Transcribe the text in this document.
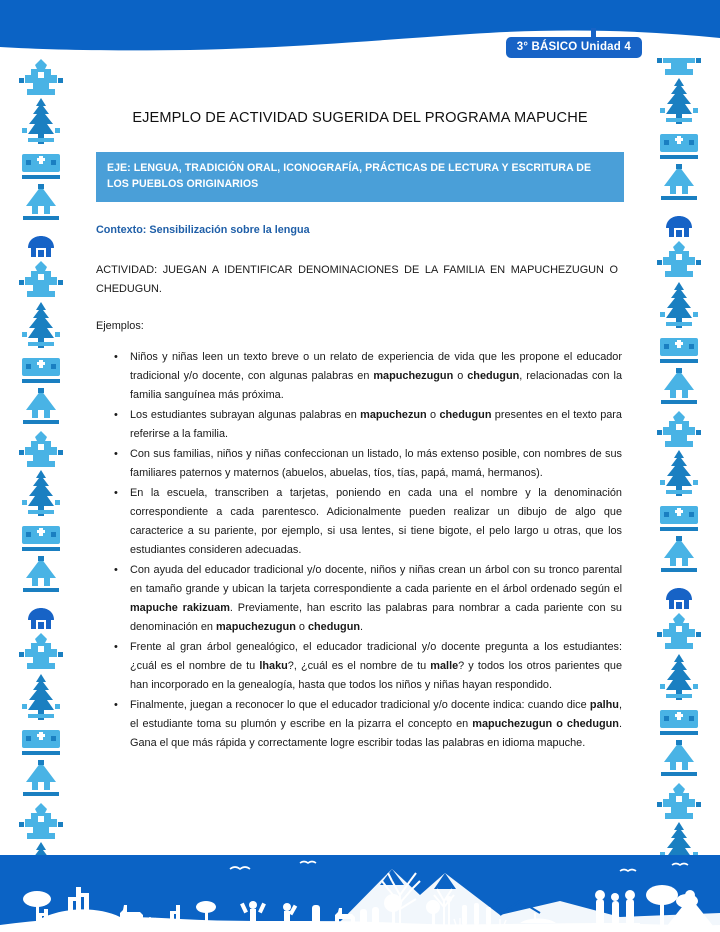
3° BÁSICO Unidad 4
EJEMPLO DE ACTIVIDAD SUGERIDA DEL PROGRAMA MAPUCHE
EJE: LENGUA, TRADICIÓN ORAL, ICONOGRAFÍA, PRÁCTICAS DE LECTURA Y ESCRITURA DE LOS PUEBLOS ORIGINARIOS
Contexto: Sensibilización sobre la lengua
ACTIVIDAD: JUEGAN A IDENTIFICAR DENOMINACIONES DE LA FAMILIA EN MAPUCHEZUGUN O CHEDUGUN.
Ejemplos:
• Niños y niñas leen un texto breve o un relato de experiencia de vida que les propone el educador tradicional y/o docente, con algunas palabras en mapuchezugun o chedugun, relacionadas con la familia sanguínea más próxima.
• Los estudiantes subrayan algunas palabras en mapuchezun o chedugun presentes en el texto para referirse a la familia.
• Con sus familias, niños y niñas confeccionan un listado, lo más extenso posible, con nombres de sus familiares paternos y maternos (abuelos, abuelas, tíos, tías, papá, mamá, hermanos).
• En la escuela, transcriben a tarjetas, poniendo en cada una el nombre y la denominación correspondiente a cada parentesco. Adicionalmente pueden realizar un dibujo de algo que caracterice a su pariente, por ejemplo, si usa lentes, si tiene bigote, el pelo largo u otras, que los estudiantes consideren adecuadas.
• Con ayuda del educador tradicional y/o docente, niños y niñas crean un árbol con su tronco parental en tamaño grande y ubican la tarjeta correspondiente a cada pariente en el árbol ordenado según el mapuche rakizuam. Previamente, han escrito las palabras para nombrar a cada pariente con su denominación en mapuchezugun o chedugun.
• Frente al gran árbol genealógico, el educador tradicional y/o docente pregunta a los estudiantes: ¿cuál es el nombre de tu lhaku?, ¿cuál es el nombre de tu malle? y todos los otros parientes que han incorporado en la genealogía, hasta que todos los niños y niñas hayan respondido.
• Finalmente, juegan a reconocer lo que el educador tradicional y/o docente indica: cuando dice palhu, el estudiante toma su plumón y escribe en la pizarra el concepto en mapuchezugun o chedugun. Gana el que más rápida y correctamente logre escribir todas las palabras en idioma mapuche.
